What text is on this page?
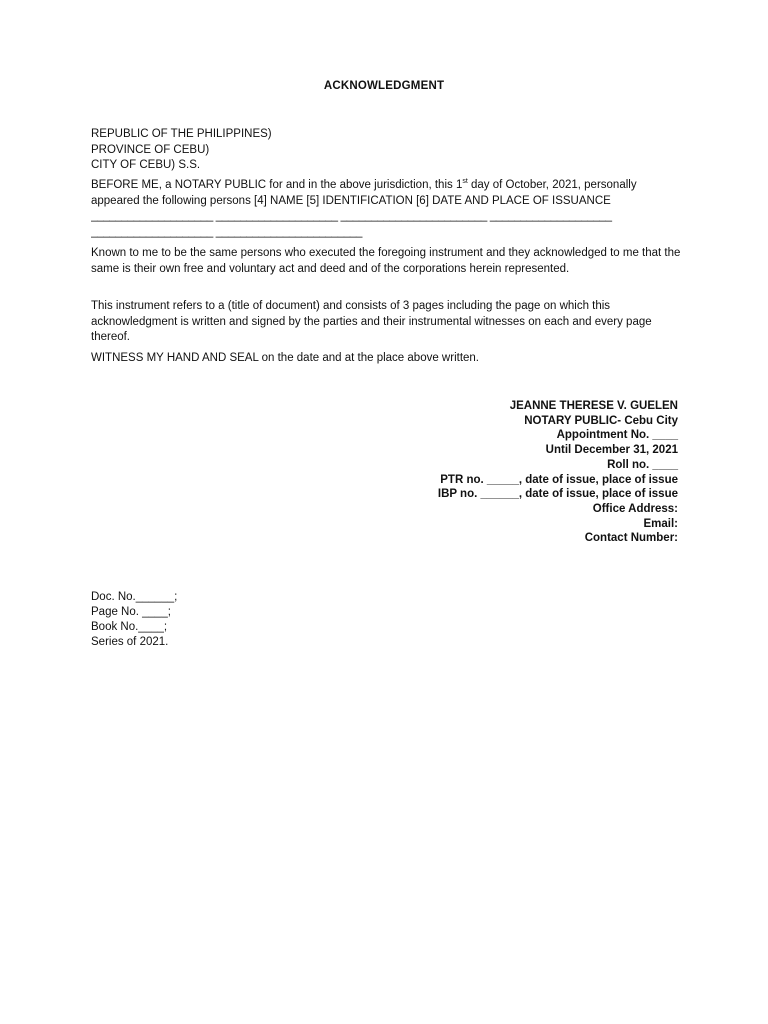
ACKNOWLEDGMENT
REPUBLIC OF THE PHILIPPINES)
PROVINCE OF CEBU)
CITY OF CEBU) S.S.
BEFORE ME, a NOTARY PUBLIC for and in the above jurisdiction, this 1st day of October, 2021, personally appeared the following persons [4] NAME [5] IDENTIFICATION [6] DATE AND PLACE OF ISSUANCE
____________________ ____________________ ________________________ ____________________
____________________ ________________________
Known to me to be the same persons who executed the foregoing instrument and they acknowledged to me that the same is their own free and voluntary act and deed and of the corporations herein represented.
This instrument refers to a (title of document) and consists of 3 pages including the page on which this acknowledgment is written and signed by the parties and their instrumental witnesses on each and every page thereof.
WITNESS MY HAND AND SEAL on the date and at the place above written.
JEANNE THERESE V. GUELEN
NOTARY PUBLIC- Cebu City
Appointment No. ____
Until December 31, 2021
Roll no. ____
PTR no. _____, date of issue, place of issue
IBP no. ______, date of issue, place of issue
Office Address:
Email:
Contact Number:
Doc. No.______;
Page No. ____;
Book No.____;
Series of 2021.
